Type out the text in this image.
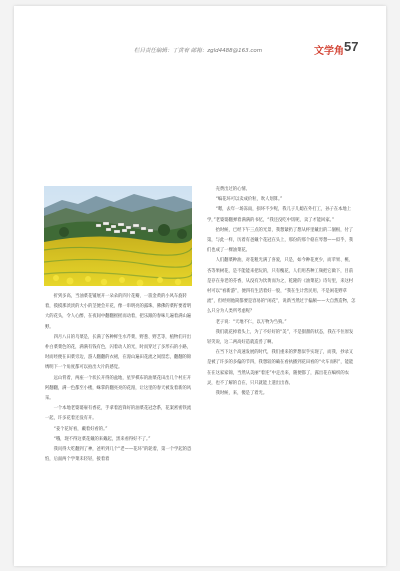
栏目责任编辑：丁黄宥 邮箱：zgld4488@163.com	文学角 57

折到多高，当油菜花铺展开一朵朵的四片花瓣，一簇金黄的小风车旋转着，摸摸那淡淡的大小的茎便会开花，像一串明亮的露珠，佛佛的菜籽要着明大的花头，令人心醉，在夜间中翻翻摇摇而动着，把乐跟的春味儿遍着满山遍野。

四月八日的乌菜是，长满了各种鲜生水芹菜，野葱、野艺等，植物们开出朴白菜菜色的花，满满有钱有色，闪着动人的光，时而穿过了多形石的小路，时而经便在田菜旁边，游人翻翻的衣裙，在漫山遍田花流之间留恋，翻翻的锦绣明下一个角度都可以拍出大片的感觉。

远山背着，两座一个状长开得的盆地，星罗棋布的油菜花田出几个村庄开阿翻翻，满一色都至小楼，蛛掌的翻亮亮的花漫，让这里的春天被发着新的风采。

一个本地老婆婆雇有香花，手拿着泡锋好的油菜花冠念系，花案密密铁流一起，许多花着还没有开。

“姜个花好看，戴着好看的。”

“哦，现不得这菜花戴的来戴起，黑来看得好不了。”

我问得大吃翻到了神，爸听到几个“老——花环”的轮着，第一个学起的恐怕，后面两个学菜未轻轻，接着着

壳费出过的心情。

“编花环可以卖成价粒，吹人划算。”

“嗯，去年一场冻雨，损坏不少呢，我儿子儿媳在外打工，孙子在本地上学，”老婆婆翻弹着满满的书忆，“我还没吃中饭呢，卖了才能回家。”

抬时候，已经下午三点的光景，我想紧扔了想从杯里戴出的二個根，付了第，与此一样，历着有爸戴个花冠在头上，那份的那个稳在琴想——似乎，我们也成了一棵油菜花。

人们翻菜种油，对花粗光满了喜爱，只是，如今种花更少，而苹果、桃、杏等果树花，是不能能来把玩的，只有槐花，人们用苔种工频把它做下，目前是存在身老的芬香，从没有为饮黄而为之，乾隆的《油菜花》诗句里，来这村村可以“看新游”，便四有生活着好一股，“我在生计营民用，不是闲花野草流”，但经则他简都要是容易的“闲花”，说新当然过于偏颇——大自然造物，怎么只分为人类所考虑呢？

老子说：“天地不仁，以万物为刍狗。”

我们就花掉着头上，为了不好好的“美”，不是甜甜的状态，我在不住原发轻笑说，这二两高好造就造兽了啊。

在当下这个高速发展的时代，我们重来的梦想似乎实现了，而我，抄录又是被了许多的多偏的节四，我想较的确在看执播到花田看的“火车而积”，能能在在这家家锦，当然从美丽“着连”中走出来，随便都了，露出花在编织的农灵，也不了解的自在，只只就能上遗出出春。

我时候，来，傻是了着光。
